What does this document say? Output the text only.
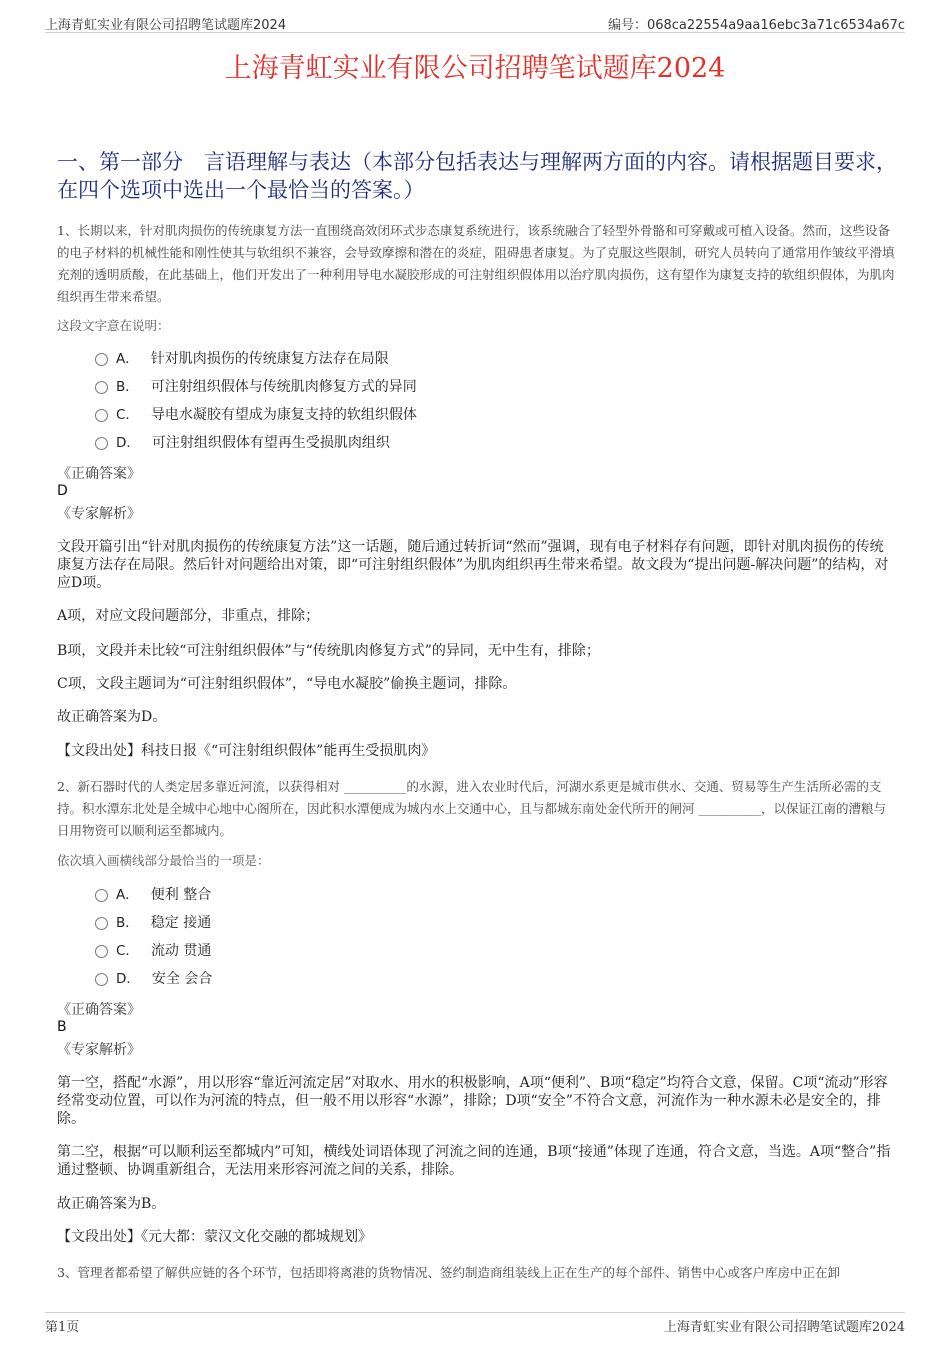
上海青虹实业有限公司招聘笔试题库2024	编号：068ca22554a9aa16ebc3a71c6534a67c
上海青虹实业有限公司招聘笔试题库2024
一、第一部分　言语理解与表达（本部分包括表达与理解两方面的内容。请根据题目要求，在四个选项中选出一个最恰当的答案。）
1、长期以来，针对肌肉损伤的传统康复方法一直围绕高效闭环式步态康复系统进行，该系统融合了轻型外骨骼和可穿戴或可植入设备。然而，这些设备的电子材料的机械性能和刚性使其与软组织不兼容，会导致摩擦和潜在的炎症，阻碍患者康复。为了克服这些限制，研究人员转向了通常用作皱纹平滑填充剂的透明质酸，在此基础上，他们开发出了一种利用导电水凝胶形成的可注射组织假体用以治疗肌肉损伤，这有望作为康复支持的软组织假体，为肌肉组织再生带来希望。
这段文字意在说明：
A． 针对肌肉损伤的传统康复方法存在局限
B． 可注射组织假体与传统肌肉修复方式的异同
C． 导电水凝胶有望成为康复支持的软组织假体
D． 可注射组织假体有望再生受损肌肉组织
《正确答案》
D
《专家解析》
文段开篇引出“针对肌肉损伤的传统康复方法”这一话题，随后通过转折词“然而”强调，现有电子材料存有问题，即针对肌肉损伤的传统康复方法存在局限。然后针对问题给出对策，即“可注射组织假体”为肌肉组织再生带来希望。故文段为“提出问题-解决问题”的结构，对应D项。
A项，对应文段问题部分，非重点，排除；
B项，文段并未比较“可注射组织假体”与“传统肌肉修复方式”的异同，无中生有，排除；
C项，文段主题词为“可注射组织假体”，“导电水凝胶”偷换主题词，排除。
故正确答案为D。
【文段出处】科技日报《“可注射组织假体”能再生受损肌肉》
2、新石器时代的人类定居多靠近河流，以获得相对 __________的水源，进入农业时代后，河湖水系更是城市供水、交通、贸易等生产生活所必需的支持。积水潭东北处是全城中心地中心阁所在，因此积水潭便成为城内水上交通中心，且与都城东南处金代所开的闸河 __________，以保证江南的漕粮与日用物资可以顺利运至都城内。
依次填入画横线部分最恰当的一项是：
A． 便利 整合
B． 稳定 接通
C． 流动 贯通
D． 安全 会合
《正确答案》
B
《专家解析》
第一空，搭配“水源”，用以形容“靠近河流定居”对取水、用水的积极影响，A项“便利”、B项“稳定”均符合文意，保留。C项“流动”形容经常变动位置，可以作为河流的特点，但一般不用以形容“水源”，排除；D项“安全”不符合文意，河流作为一种水源未必是安全的，排除。
第二空，根据“可以顺利运至都城内”可知，横线处词语体现了河流之间的连通，B项“接通”体现了连通，符合文意，当选。A项“整合”指通过整顿、协调重新组合，无法用来形容河流之间的关系，排除。
故正确答案为B。
【文段出处】《元大都：蒙汉文化交融的都城规划》
3、管理者都希望了解供应链的各个环节，包括即将离港的货物情况、签约制造商组装线上正在生产的每个部件、销售中心或客户库房中正在卸
第1页	上海青虹实业有限公司招聘笔试题库2024
